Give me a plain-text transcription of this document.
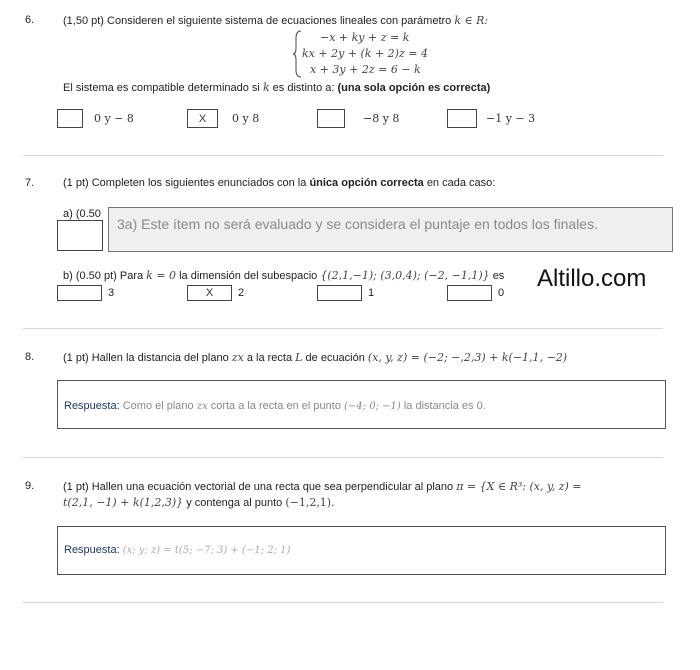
6.	(1,50 pt) Consideren el siguiente sistema de ecuaciones lineales con parámetro k ∈ R:
−x + ky + z = k
kx + 2y + (k + 2)z = 4
x + 3y + 2z = 6 − k
El sistema es compatible determinado si k es distinto a: (una sola opción es correcta)
0 y − 8	X	0 y 8	−8 y 8	−1 y − 3
7.	(1 pt) Completen los siguientes enunciados con la única opción correcta en cada caso:
a) (0.50
3a) Este ítem no será evaluado y se considera el puntaje en todos los finales.
b) (0.50 pt) Para k = 0 la dimensión del subespacio {(2,1,−1); (3,0,4); (−2, −1,1)} es Altillo.com
3	X	2	1	0
8.	(1 pt) Hallen la distancia del plano zx a la recta L de ecuación (x, y, z) = (−2; −,2,3) + k(−1,1, −2)
Respuesta: Como el plano zx corta a la recta en el punto (−4; 0; −1) la distancia es 0.
9.	(1 pt) Hallen una ecuación vectorial de una recta que sea perpendicular al plano π = {X ∈ R³: (x, y, z) =
t(2,1, −1) + k(1,2,3)} y contenga al punto (−1,2,1).
Respuesta: (x; y; z) = t(5; −7; 3) + (−1; 2; 1)
